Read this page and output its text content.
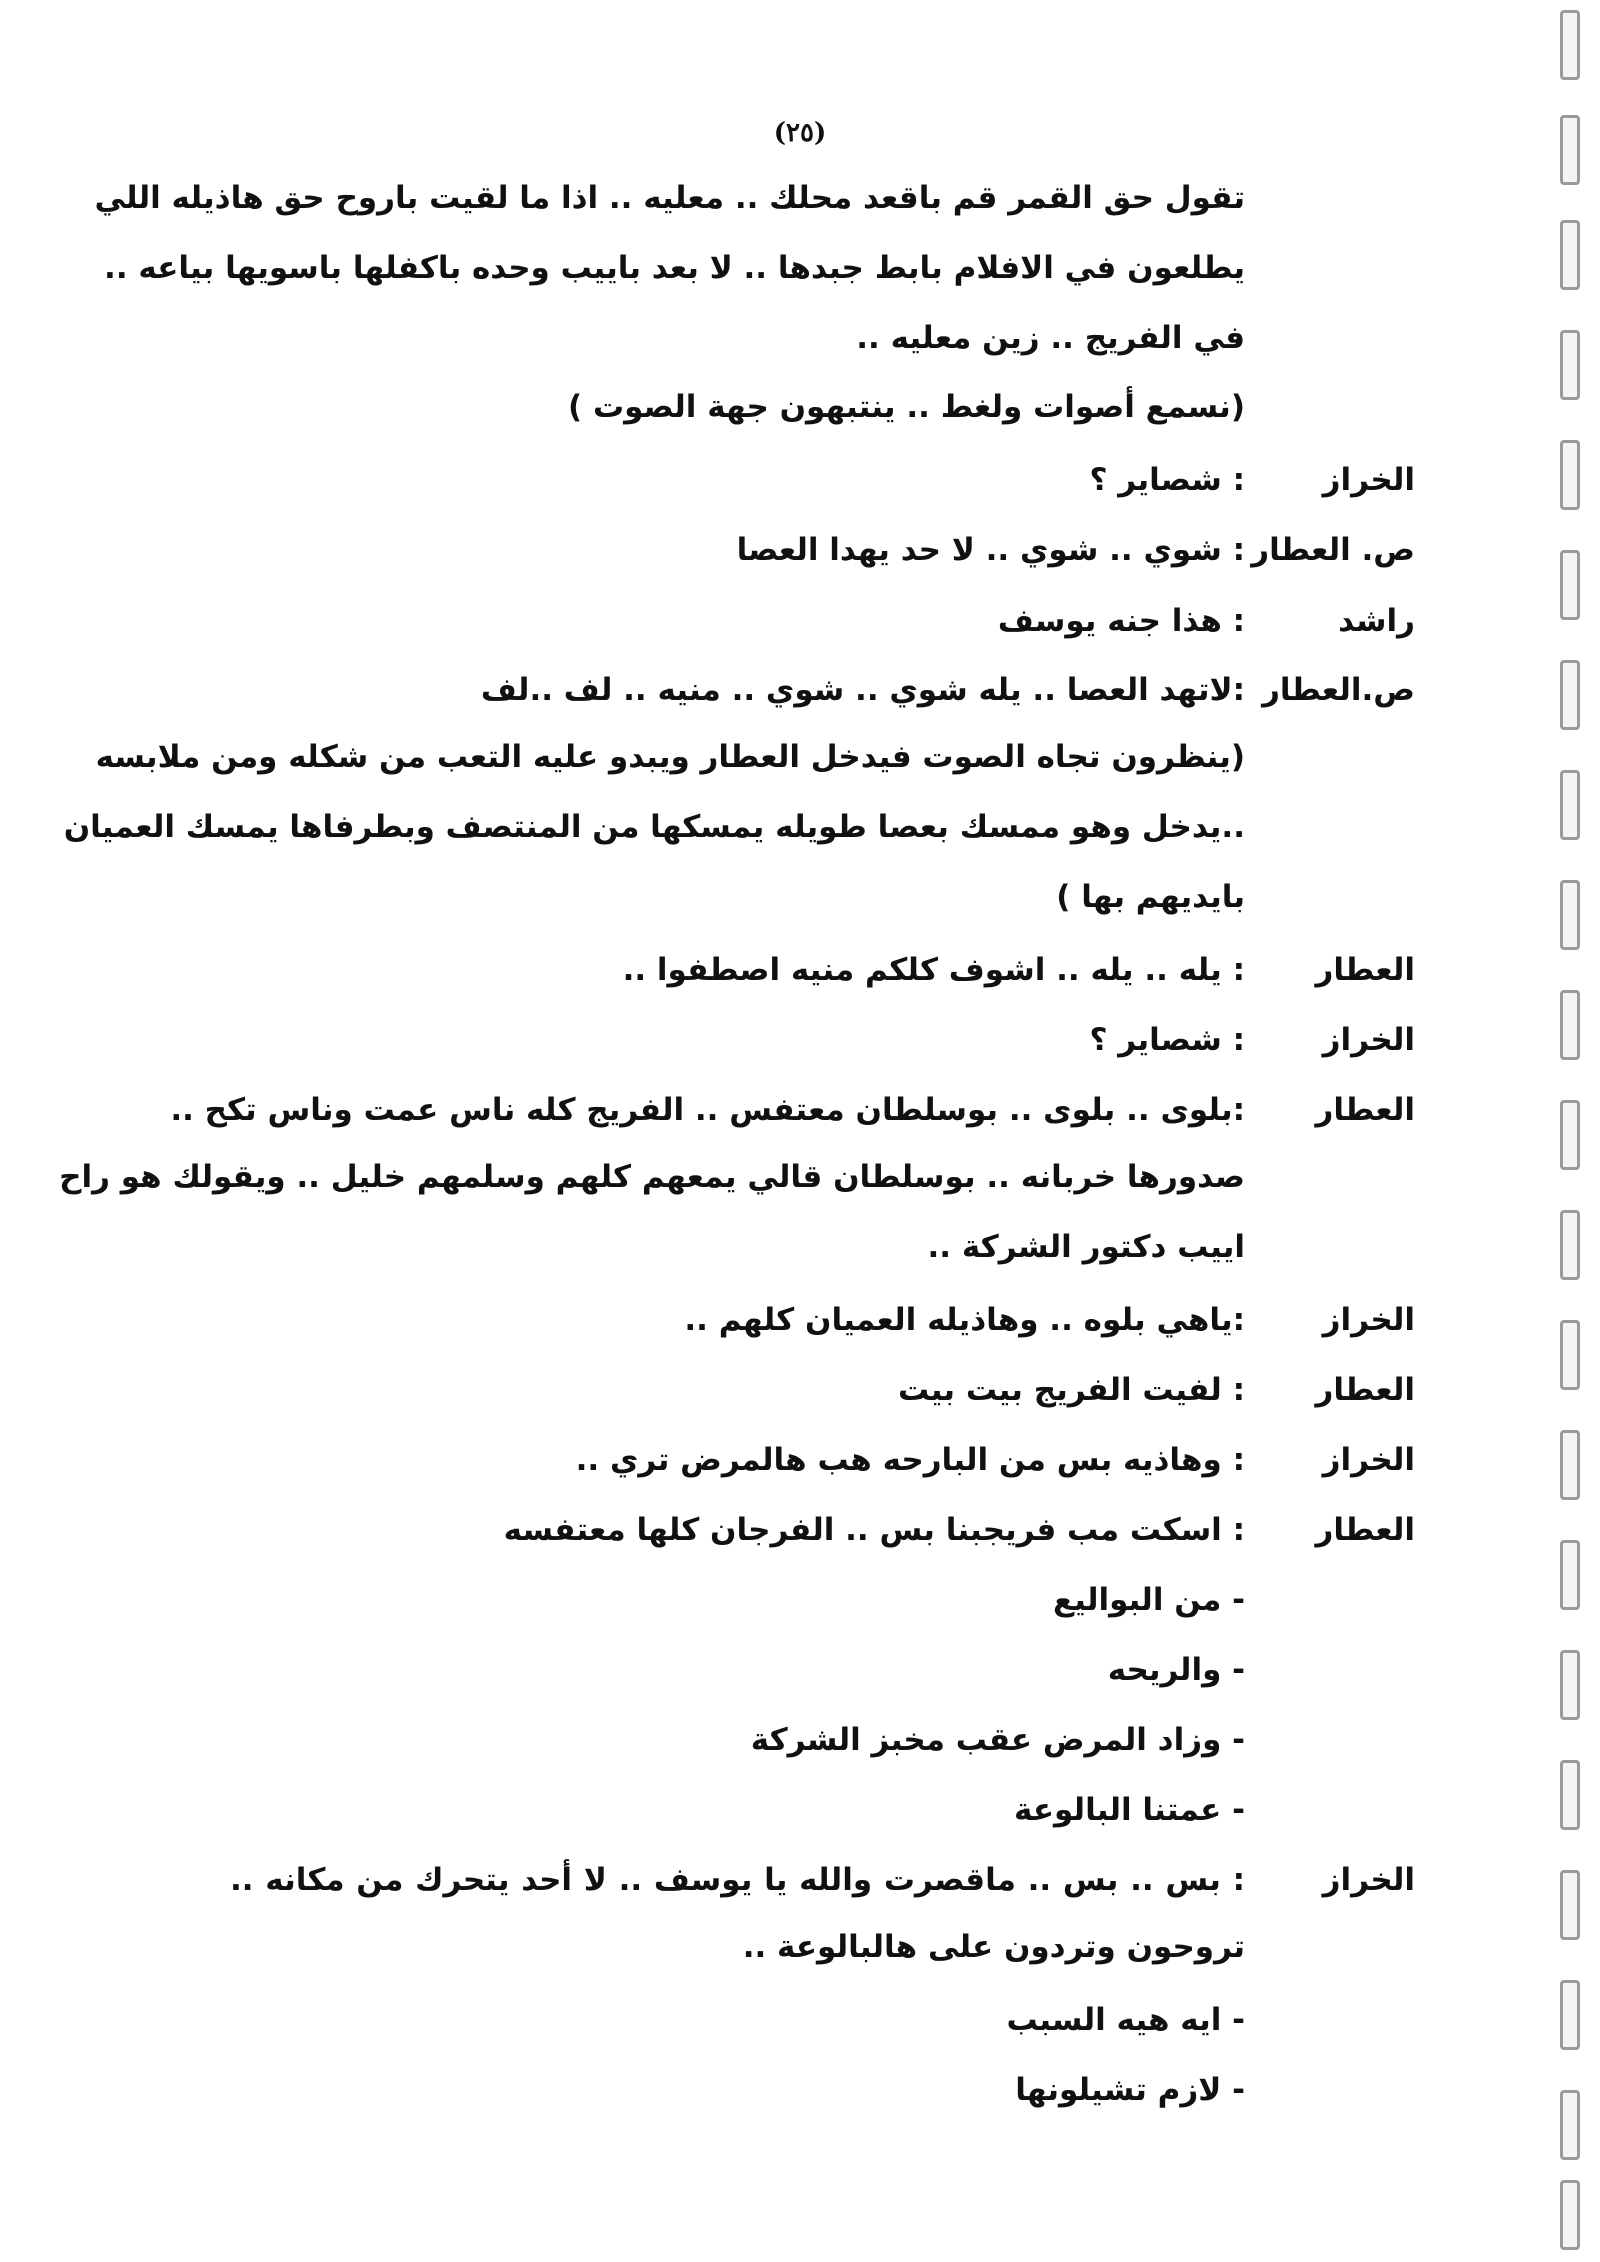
(٢٥)
تقول حق القمر قم باقعد محلك .. معليه .. اذا ما لقيت باروح حق هاذيله اللي
يطلعون في الافلام بابط جبدها .. لا بعد باييب وحده باكفلها باسويها بياعه ..
في الفريج .. زين معليه ..
(نسمع أصوات ولغط .. ينتبهون جهة الصوت )
الخراز
: شصاير ؟
ص. العطار
: شوي .. شوي .. لا حد يهدا العصا
راشد
: هذا جنه يوسف
ص.العطار
:لاتهد العصا .. يله شوي .. شوي .. منيه .. لف ..لف
(ينظرون تجاه الصوت فيدخل العطار ويبدو عليه التعب من شكله ومن ملابسه
..يدخل وهو ممسك بعصا طويله يمسكها من المنتصف وبطرفاها يمسك العميان
بايديهم بها )
العطار
: يله .. يله .. اشوف كلكم منيه اصطفوا ..
الخراز
: شصاير ؟
العطار
:بلوى .. بلوى .. بوسلطان معتفس .. الفريج كله ناس عمت وناس تكح ..
صدورها خربانه .. بوسلطان قالي يمعهم كلهم وسلمهم خليل .. ويقولك هو راح
اييب دكتور الشركة ..
الخراز
:ياهي بلوه .. وهاذيله العميان كلهم ..
العطار
: لفيت الفريج بيت بيت
الخراز
: وهاذيه بس من البارحه هب هالمرض تري ..
العطار
: اسكت مب فريجبنا بس .. الفرجان كلها معتفسه
- من البواليع
- والريحه
- وزاد المرض عقب مخبز الشركة
- عمتنا البالوعة
الخراز
: بس .. بس .. ماقصرت والله يا يوسف .. لا أحد يتحرك من مكانه ..
تروحون وتردون على هالبالوعة ..
- ايه هيه السبب
- لازم تشيلونها
